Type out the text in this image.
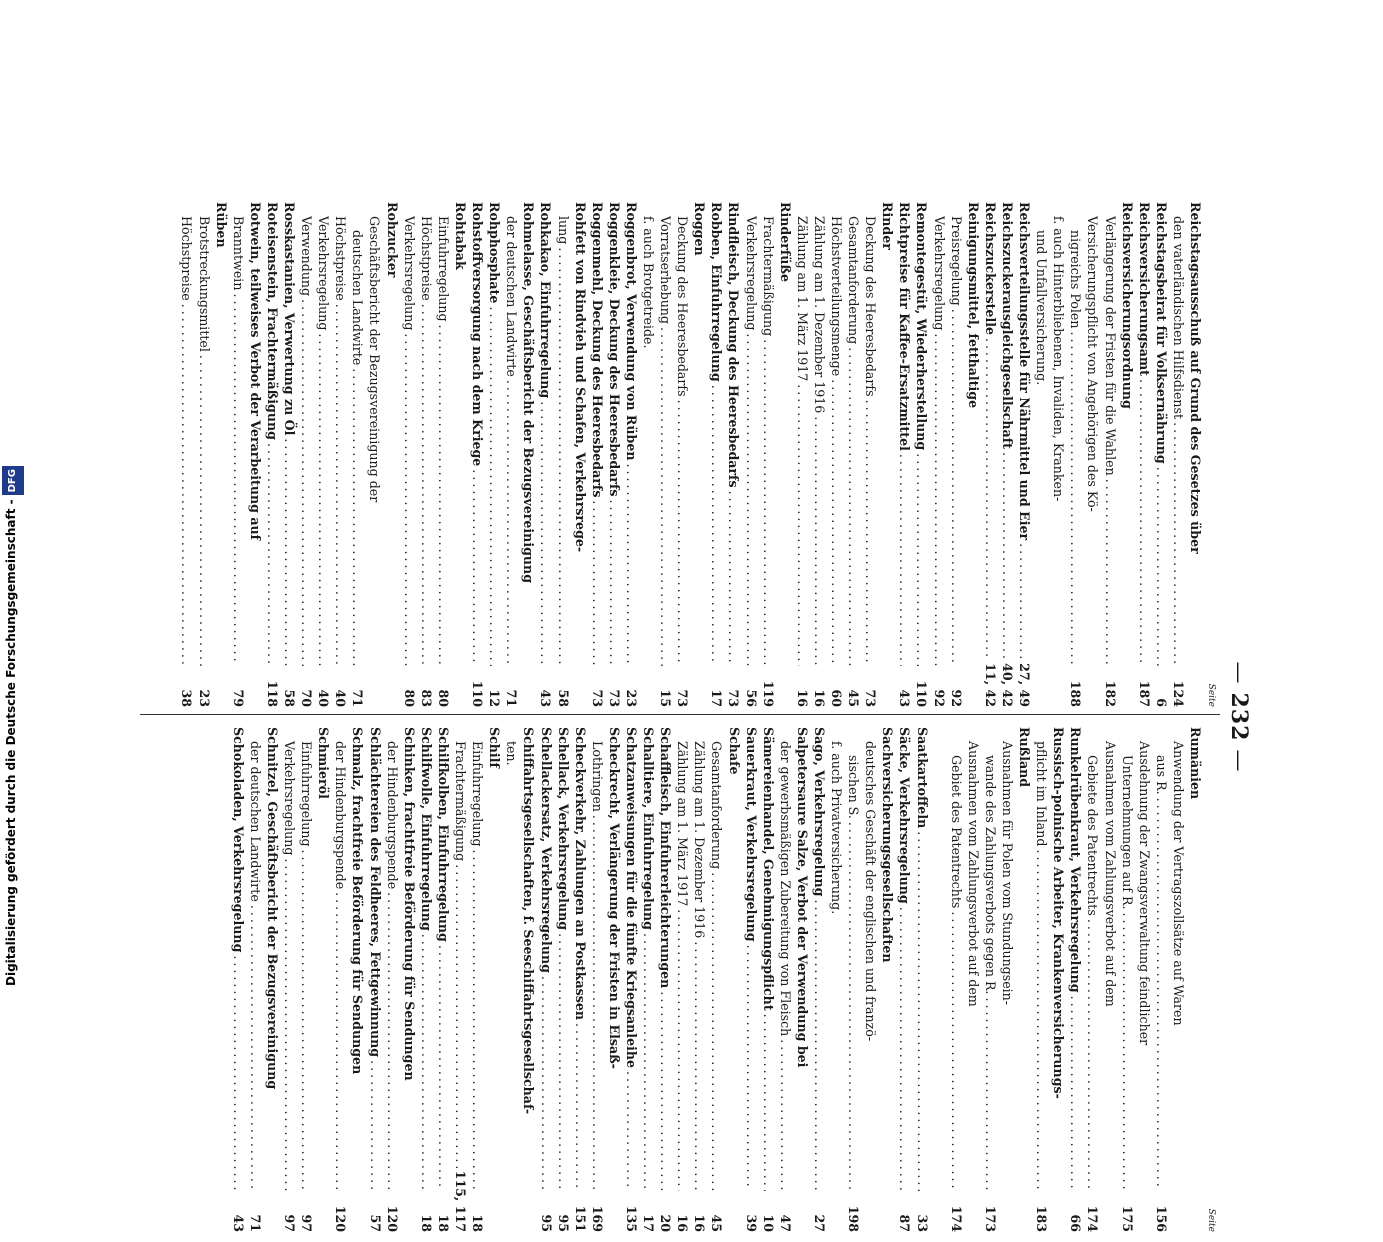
— 232 —
Seite
Reichstagsausschuß auf Grund des Gesetzes über
den vaterländischen Hilfsdienst
.....
124
Reichstagsbeirat für Volksernährung
.....
6
Reichsversicherungsamt
.....
187
Reichsversicherungsordnung
Verlängerung der Fristen für die Wahlen
.....
182
Versicherungspflicht von Angehörigen des Kö-
nigreichs Polen
.....
188
f. auch Hinterbliebenen, Invaliden, Kranken-
und Unfallversicherung.
Reichsverteilungsstelle für Nährmittel und Eier
.....
27, 49
Reichszuckerausgleichgesellschaft
.....
40, 42
Reichszuckerstelle
.....
11, 42
Reinigungsmittel, fetthaltige
Preisregelung
.....
92
Verkehrsregelung
.....
92
Remontegestüt, Wiederherstellung
.....
110
Richtpreise für Kaffee-Ersatzmittel
.....
43
Rinder
Deckung des Heeresbedarfs
.....
73
Gesamtanforderung
.....
45
Höchstverteilungsmenge
.....
60
Zählung am 1. Dezember 1916
.....
16
Zählung am 1. März 1917
.....
16
Rinderfüße
Frachtermäßigung
.....
119
Verkehrsregelung
.....
56
Rindfleisch, Deckung des Heeresbedarfs
.....
73
Robben, Einfuhrregelung
.....
17
Roggen
Deckung des Heeresbedarfs
.....
73
Vorratserhebung
.....
15
f. auch Brotgetreide.
Roggenbrot, Verwendung von Rüben
.....
23
Roggenkleie, Deckung des Heeresbedarfs
.....
73
Roggenmehl, Deckung des Heeresbedarfs
.....
73
Rohfett von Rindvieh und Schafen, Verkehrsrege-
lung
.....
58
Rohkakao, Einfuhrregelung
.....
43
Rohmelasse, Geschäftsbericht der Bezugsvereinigung
der deutschen Landwirte
.....
71
Rohphosphate
.....
12
Rohstoffversorgung nach dem Kriege
.....
110
Rohtabak
Einfuhrregelung
.....
80
Höchstpreise
.....
83
Verkehrsregelung
.....
80
Rohzucker
Geschäftsbericht der Bezugsvereinigung der
deutschen Landwirte
.....
71
Höchstpreise
.....
40
Verkehrsregelung
.....
40
Verwendung
.....
70
Rosskastanien, Verwertung zu Öl
.....
58
Roteisenstein, Frachtermäßigung
.....
118
Rotwein, teilweises Verbot der Verarbeitung auf
Branntwein
.....
79
Rüben
Brotstreckungsmittel
.....
23
Höchstpreise
.....
38
Seite
Rumänien
Anwendung der Vertragszollsätze auf Waren
aus R.
.....
156
Ausdehnung der Zwangsverwaltung feindlicher
Unternehmungen auf R.
.....
175
Ausnahmen vom Zahlungsverbot auf dem
Gebiete des Patentrechts
.....
174
Runkelrübenkraut, Verkehrsregelung
.....
66
Russisch-polnische Arbeiter, Krankenversicherungs-
pflicht im Inland
.....
183
Rußland
Ausnahmen für Polen vom Stundungsein-
wande des Zahlungsverbots gegen R.
.....
173
Ausnahmen vom Zahlungsverbot auf dem
Gebiet des Patentrechts
.....
174
Saatkartoffeln
.....
33
Säcke, Verkehrsregelung
.....
87
Sachversicherungsgesellschaften
deutsches Geschäft der englischen und franzö-
sischen S.
.....
198
f. auch Privatversicherung.
Sago, Verkehrsregelung
.....
27
Salpetersaure Salze, Verbot der Verwendung bei
der gewerbsmäßigen Zubereitung von Fleisch
.....
47
Sämereienhandel, Genehmigungspflicht
.....
10
Sauerkraut, Verkehrsregelung
.....
39
Schafe
Gesamtanforderung
.....
45
Zählung am 1. Dezember 1916
.....
16
Zählung am 1. März 1917
.....
16
Schaffleisch, Einfuhrerleichterungen
.....
20
Schalltiere, Einfuhrregelung
.....
17
Schatzanweisungen für die fünfte Kriegsanleihe
.....
135
Scheckrecht, Verlängerung der Fristen in Elsaß-
Lothringen
.....
169
Scheckverkehr, Zahlungen an Postkassen
.....
151
Schellack, Verkehrsregelung
.....
95
Schellackersatz, Verkehrsregelung
.....
95
Schiffahrtsgesellschaften, f. Seeschiffahrtsgesellschaf-
ten.
Schilf
Einfuhrregelung
.....
18
Frachtermäßigung
.....
115, 117
Schilfkolben, Einfuhrregelung
.....
18
Schilfwolle, Einfuhrregelung
.....
18
Schinken, frachtfreie Beförderung für Sendungen
der Hindenburgspende
.....
120
Schlächtereien des Feldheeres, Fettgewinnung
.....
57
Schmalz, frachtfreie Beförderung für Sendungen
der Hindenburgspende
.....
120
Schmieröl
Einfuhrregelung
.....
97
Verkehrsregelung
.....
97
Schnitzel, Geschäftsbericht der Bezugsvereinigung
der deutschen Landwirte
.....
71
Schokoladen, Verkehrsregelung
.....
43
Digitalisierung gefördert durch die Deutsche Forschungsgemeinschaft -DFG
